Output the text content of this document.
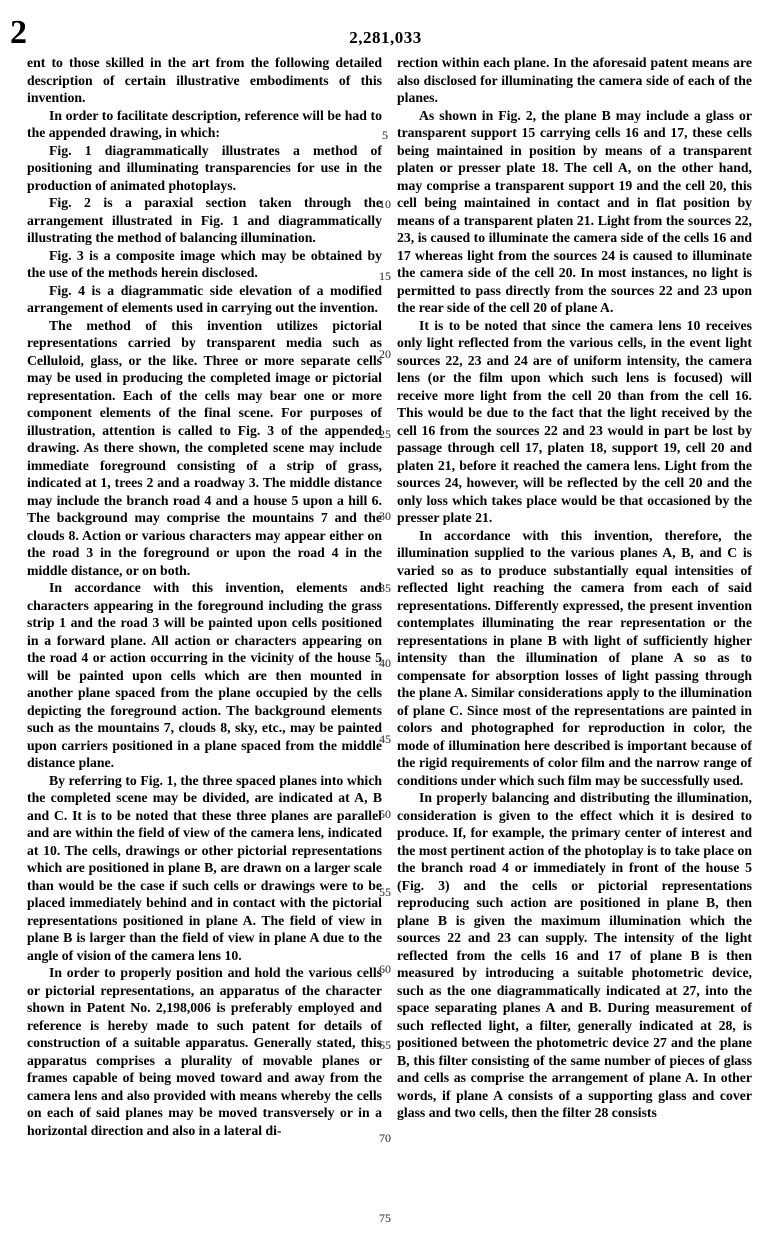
2	2,281,033

ent to those skilled in the art from the following detailed description of certain illustrative embodiments of this invention.

In order to facilitate description, reference will be had to the appended drawing, in which:

Fig. 1 diagrammatically illustrates a method of positioning and illuminating transparencies for use in the production of animated photoplays.

Fig. 2 is a paraxial section taken through the arrangement illustrated in Fig. 1 and diagrammatically illustrating the method of balancing illumination.

Fig. 3 is a composite image which may be obtained by the use of the methods herein disclosed.

Fig. 4 is a diagrammatic side elevation of a modified arrangement of elements used in carrying out the invention.

The method of this invention utilizes pictorial representations carried by transparent media such as Celluloid, glass, or the like. Three or more separate cells may be used in producing the completed image or pictorial representation. Each of the cells may bear one or more component elements of the final scene. For purposes of illustration, attention is called to Fig. 3 of the appended drawing. As there shown, the completed scene may include immediate foreground consisting of a strip of grass, indicated at 1, trees 2 and a roadway 3. The middle distance may include the branch road 4 and a house 5 upon a hill 6. The background may comprise the mountains 7 and the clouds 8. Action or various characters may appear either on the road 3 in the foreground or upon the road 4 in the middle distance, or on both.

In accordance with this invention, elements and characters appearing in the foreground including the grass strip 1 and the road 3 will be painted upon cells positioned in a forward plane. All action or characters appearing on the road 4 or action occurring in the vicinity of the house 5 will be painted upon cells which are then mounted in another plane spaced from the plane occupied by the cells depicting the foreground action. The background elements such as the mountains 7, clouds 8, sky, etc., may be painted upon carriers positioned in a plane spaced from the middle distance plane.

By referring to Fig. 1, the three spaced planes into which the completed scene may be divided, are indicated at A, B and C. It is to be noted that these three planes are parallel and are within the field of view of the camera lens, indicated at 10. The cells, drawings or other pictorial representations which are positioned in plane B, are drawn on a larger scale than would be the case if such cells or drawings were to be placed immediately behind and in contact with the pictorial representations positioned in plane A. The field of view in plane B is larger than the field of view in plane A due to the angle of vision of the camera lens 10.

In order to properly position and hold the various cells or pictorial representations, an apparatus of the character shown in Patent No. 2,198,006 is preferably employed and reference is hereby made to such patent for details of construction of a suitable apparatus. Generally stated, this apparatus comprises a plurality of movable planes or frames capable of being moved toward and away from the camera lens and also provided with means whereby the cells on each of said planes may be moved transversely or in a horizontal direction and also in a lateral di-

5
10
15
20
25
30
35
40
45
50
55
60
65
70
75

rection within each plane. In the aforesaid patent means are also disclosed for illuminating the camera side of each of the planes.

As shown in Fig. 2, the plane B may include a glass or transparent support 15 carrying cells 16 and 17, these cells being maintained in position by means of a transparent platen or presser plate 18. The cell A, on the other hand, may comprise a transparent support 19 and the cell 20, this cell being maintained in contact and in flat position by means of a transparent platen 21. Light from the sources 22, 23, is caused to illuminate the camera side of the cells 16 and 17 whereas light from the sources 24 is caused to illuminate the camera side of the cell 20. In most instances, no light is permitted to pass directly from the sources 22 and 23 upon the rear side of the cell 20 of plane A.

It is to be noted that since the camera lens 10 receives only light reflected from the various cells, in the event light sources 22, 23 and 24 are of uniform intensity, the camera lens (or the film upon which such lens is focused) will receive more light from the cell 20 than from the cell 16. This would be due to the fact that the light received by the cell 16 from the sources 22 and 23 would in part be lost by passage through cell 17, platen 18, support 19, cell 20 and platen 21, before it reached the camera lens. Light from the sources 24, however, will be reflected by the cell 20 and the only loss which takes place would be that occasioned by the presser plate 21.

In accordance with this invention, therefore, the illumination supplied to the various planes A, B, and C is varied so as to produce substantially equal intensities of reflected light reaching the camera from each of said representations. Differently expressed, the present invention contemplates illuminating the rear representation or the representations in plane B with light of sufficiently higher intensity than the illumination of plane A so as to compensate for absorption losses of light passing through the plane A. Similar considerations apply to the illumination of plane C. Since most of the representations are painted in colors and photographed for reproduction in color, the mode of illumination here described is important because of the rigid requirements of color film and the narrow range of conditions under which such film may be successfully used.

In properly balancing and distributing the illumination, consideration is given to the effect which it is desired to produce. If, for example, the primary center of interest and the most pertinent action of the photoplay is to take place on the branch road 4 or immediately in front of the house 5 (Fig. 3) and the cells or pictorial representations reproducing such action are positioned in plane B, then plane B is given the maximum illumination which the sources 22 and 23 can supply. The intensity of the light reflected from the cells 16 and 17 of plane B is then measured by introducing a suitable photometric device, such as the one diagrammatically indicated at 27, into the space separating planes A and B. During measurement of such reflected light, a filter, generally indicated at 28, is positioned between the photometric device 27 and the plane B, this filter consisting of the same number of pieces of glass and cells as comprise the arrangement of plane A. In other words, if plane A consists of a supporting glass and cover glass and two cells, then the filter 28 consists
